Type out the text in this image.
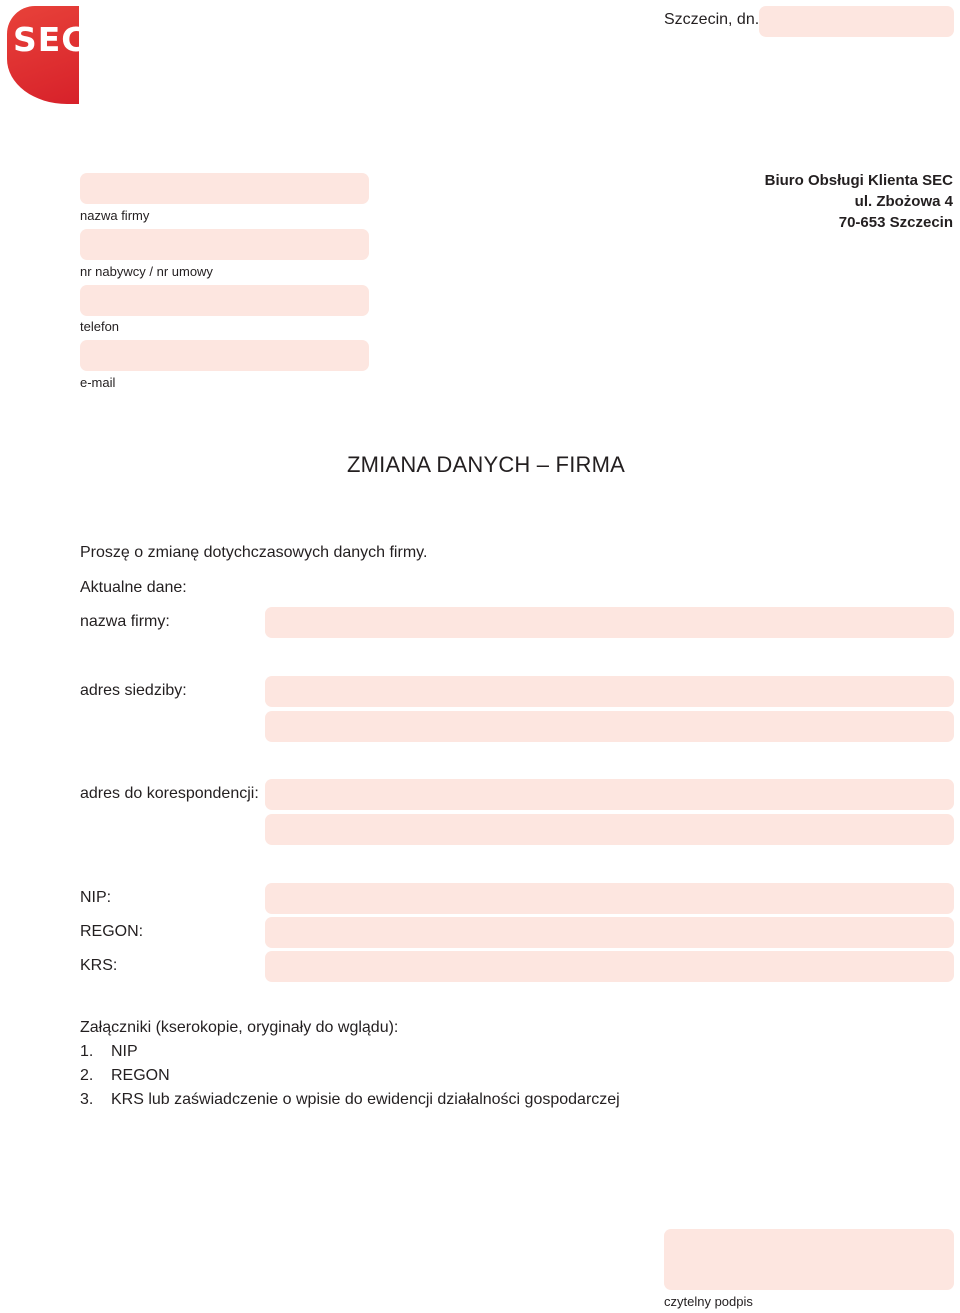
SEC
Szczecin, dn.
Biuro Obsługi Klienta SEC
ul. Zbożowa 4
70-653 Szczecin
nazwa firmy
nr nabywcy / nr umowy
telefon
e-mail
ZMIANA DANYCH – FIRMA
Proszę o zmianę dotychczasowych danych firmy.
Aktualne dane:
nazwa firmy:
adres siedziby:
adres do korespondencji:
NIP:
REGON:
KRS:
Załączniki (kserokopie, oryginały do wglądu):
1. NIP
2. REGON
3. KRS lub zaświadczenie o wpisie do ewidencji działalności gospodarczej
czytelny podpis
